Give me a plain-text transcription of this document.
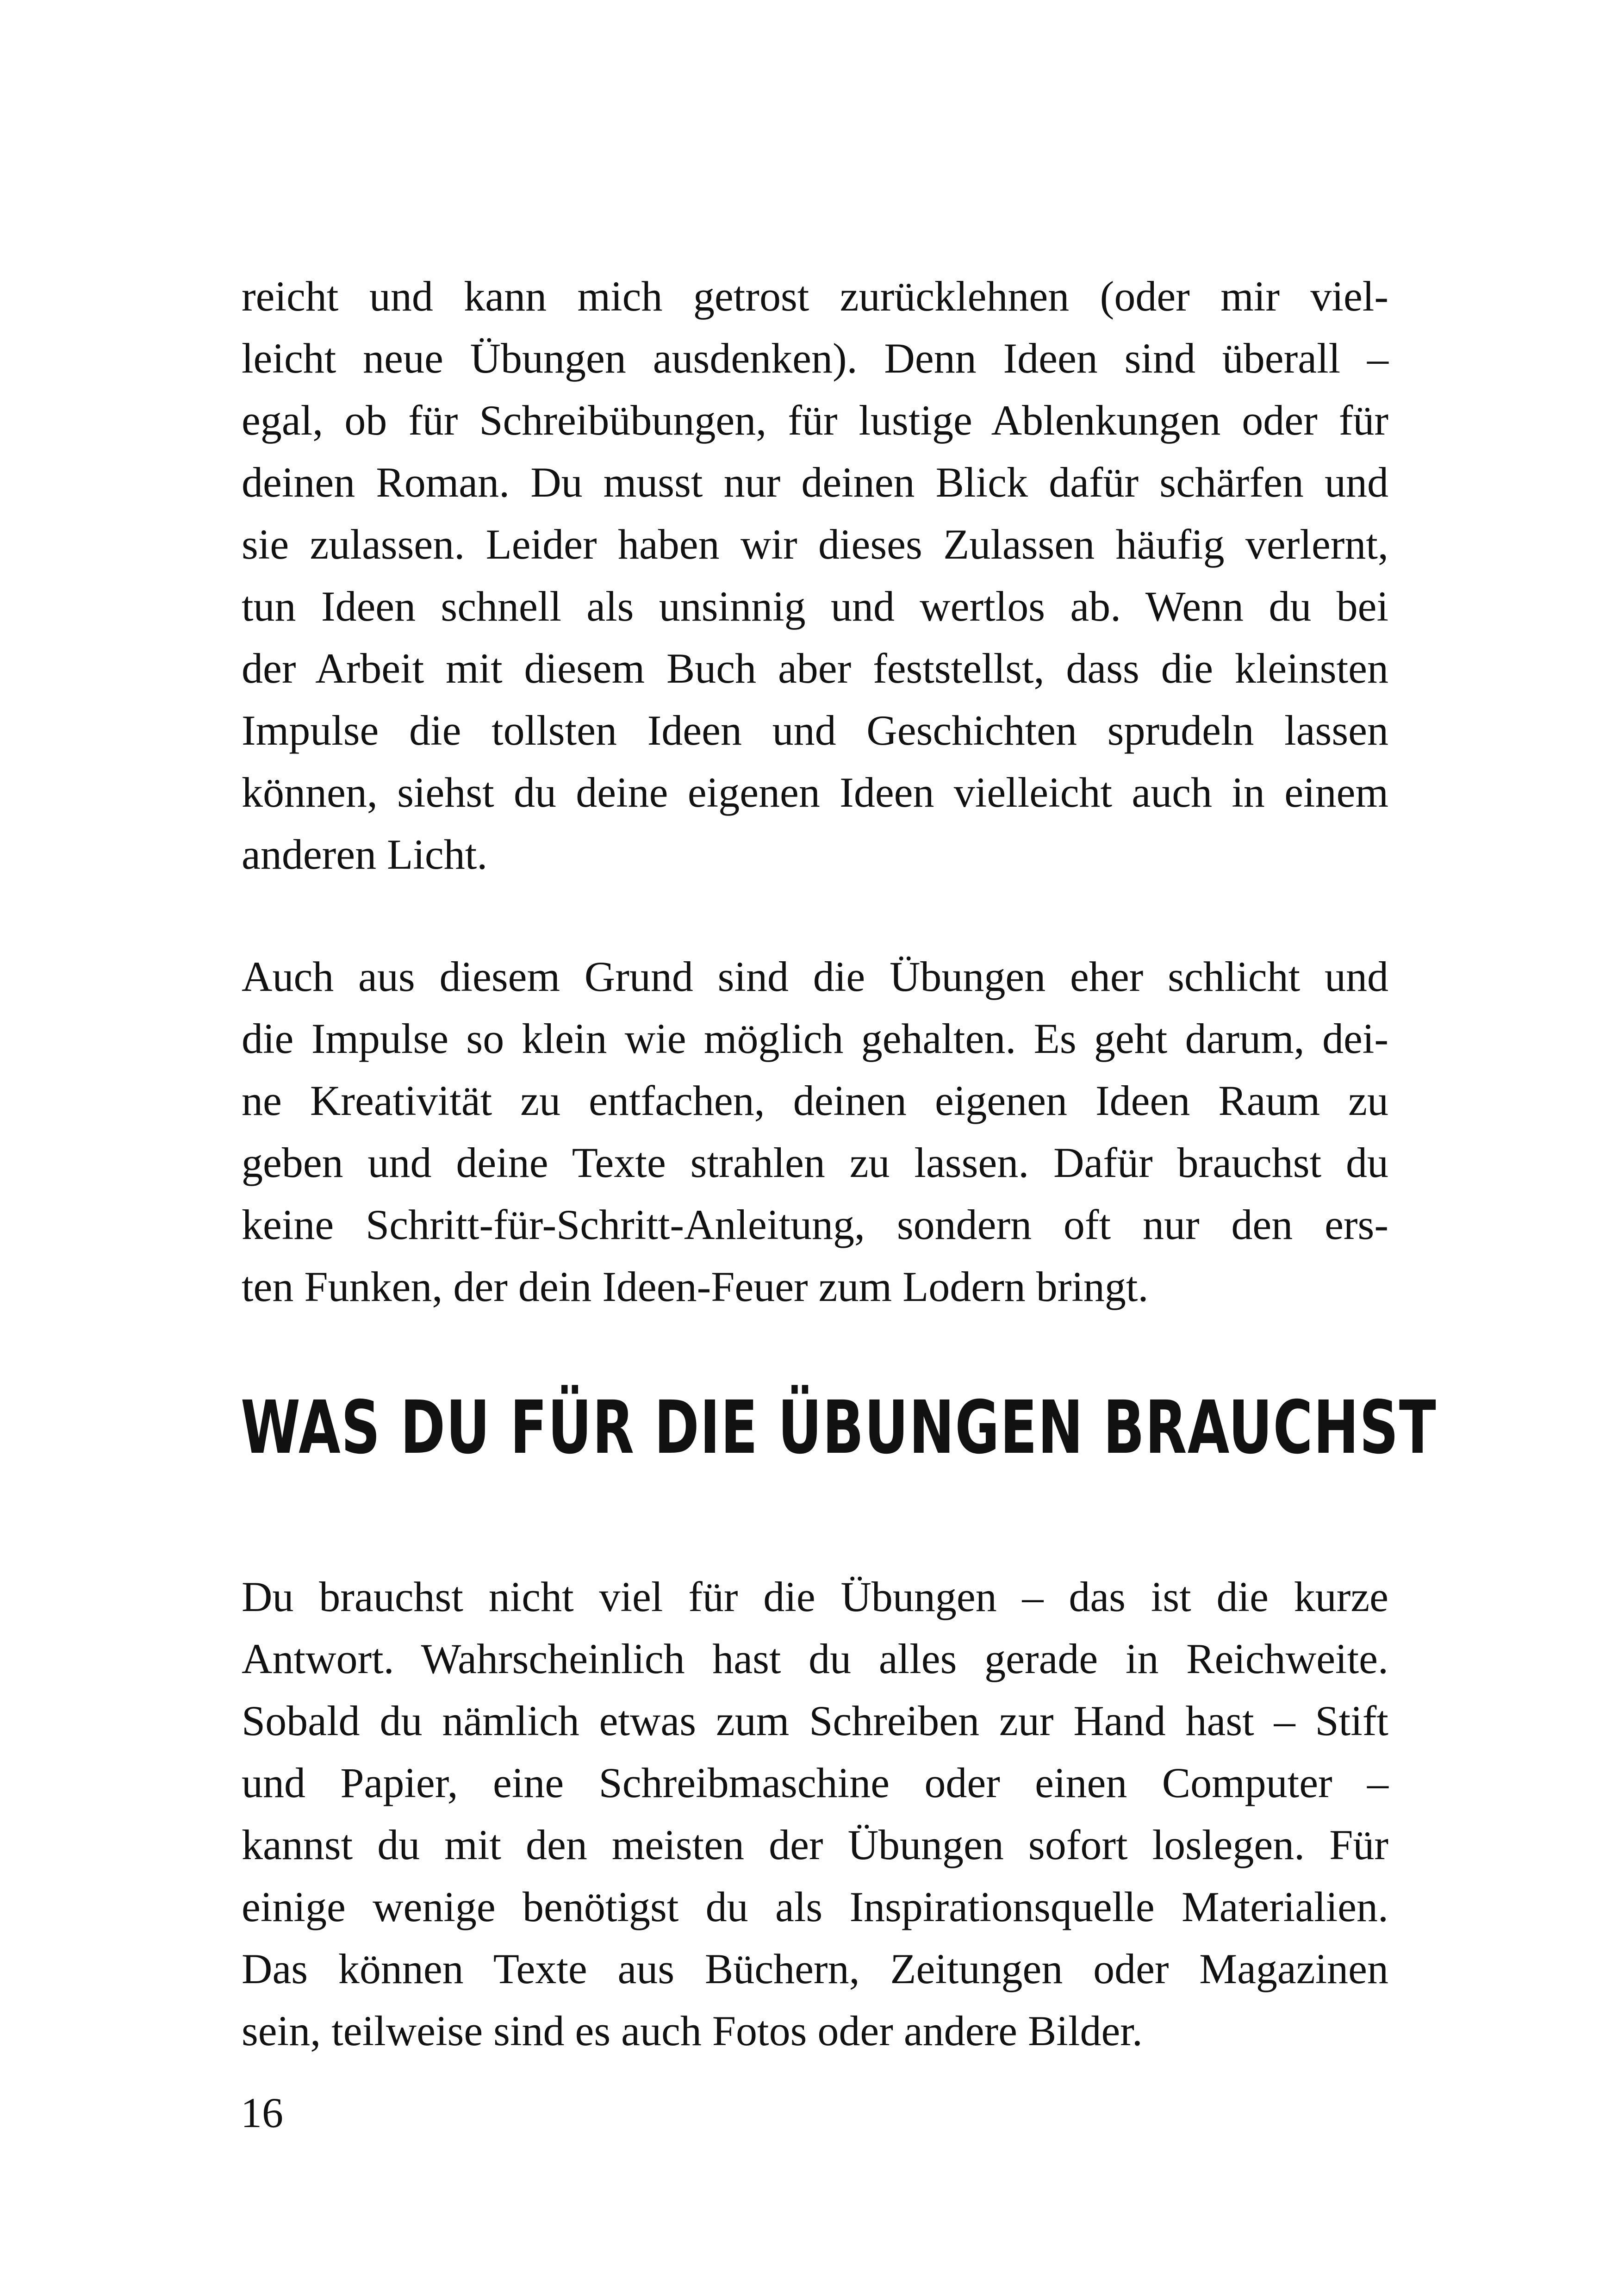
reicht und kann mich getrost zurücklehnen (oder mir viel-
leicht neue Übungen ausdenken). Denn Ideen sind überall –
egal, ob für Schreibübungen, für lustige Ablenkungen oder für
deinen Roman. Du musst nur deinen Blick dafür schärfen und
sie zulassen. Leider haben wir dieses Zulassen häufig verlernt,
tun Ideen schnell als unsinnig und wertlos ab. Wenn du bei
der Arbeit mit diesem Buch aber feststellst, dass die kleinsten
Impulse die tollsten Ideen und Geschichten sprudeln lassen
können, siehst du deine eigenen Ideen vielleicht auch in einem
anderen Licht.
Auch aus diesem Grund sind die Übungen eher schlicht und
die Impulse so klein wie möglich gehalten. Es geht darum, dei-
ne Kreativität zu entfachen, deinen eigenen Ideen Raum zu
geben und deine Texte strahlen zu lassen. Dafür brauchst du
keine Schritt-für-Schritt-Anleitung, sondern oft nur den ers-
ten Funken, der dein Ideen-Feuer zum Lodern bringt.
WAS DU FÜR DIE ÜBUNGEN BRAUCHST
Du brauchst nicht viel für die Übungen – das ist die kurze
Antwort. Wahrscheinlich hast du alles gerade in Reichweite.
Sobald du nämlich etwas zum Schreiben zur Hand hast – Stift
und Papier, eine Schreibmaschine oder einen Computer –
kannst du mit den meisten der Übungen sofort loslegen. Für
einige wenige benötigst du als Inspirationsquelle Materialien.
Das können Texte aus Büchern, Zeitungen oder Magazinen
sein, teilweise sind es auch Fotos oder andere Bilder.
16
